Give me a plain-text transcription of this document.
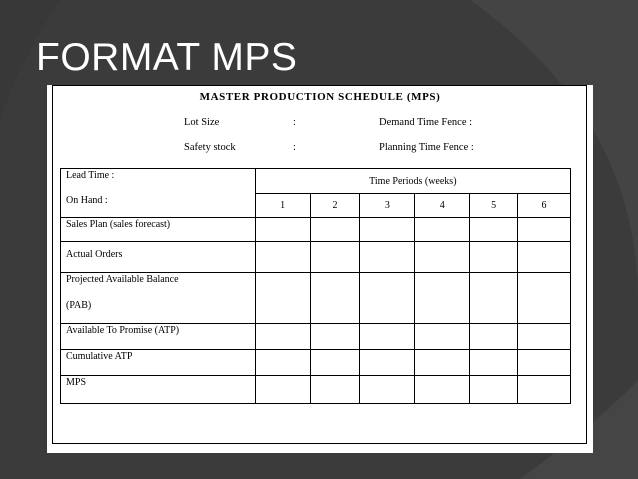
FORMAT MPS
MASTER PRODUCTION SCHEDULE (MPS)
Lot Size	:	Demand Time Fence :
Safety stock	:	Planning Time Fence :
Lead Time :
On Hand :	Time Periods (weeks)					
	1	2	3	4	5	6
Sales Plan (sales forecast)						
Actual Orders						
Projected Available Balance
(PAB)						

Available To Promise (ATP)						
Cumulative ATP						
MPS						
